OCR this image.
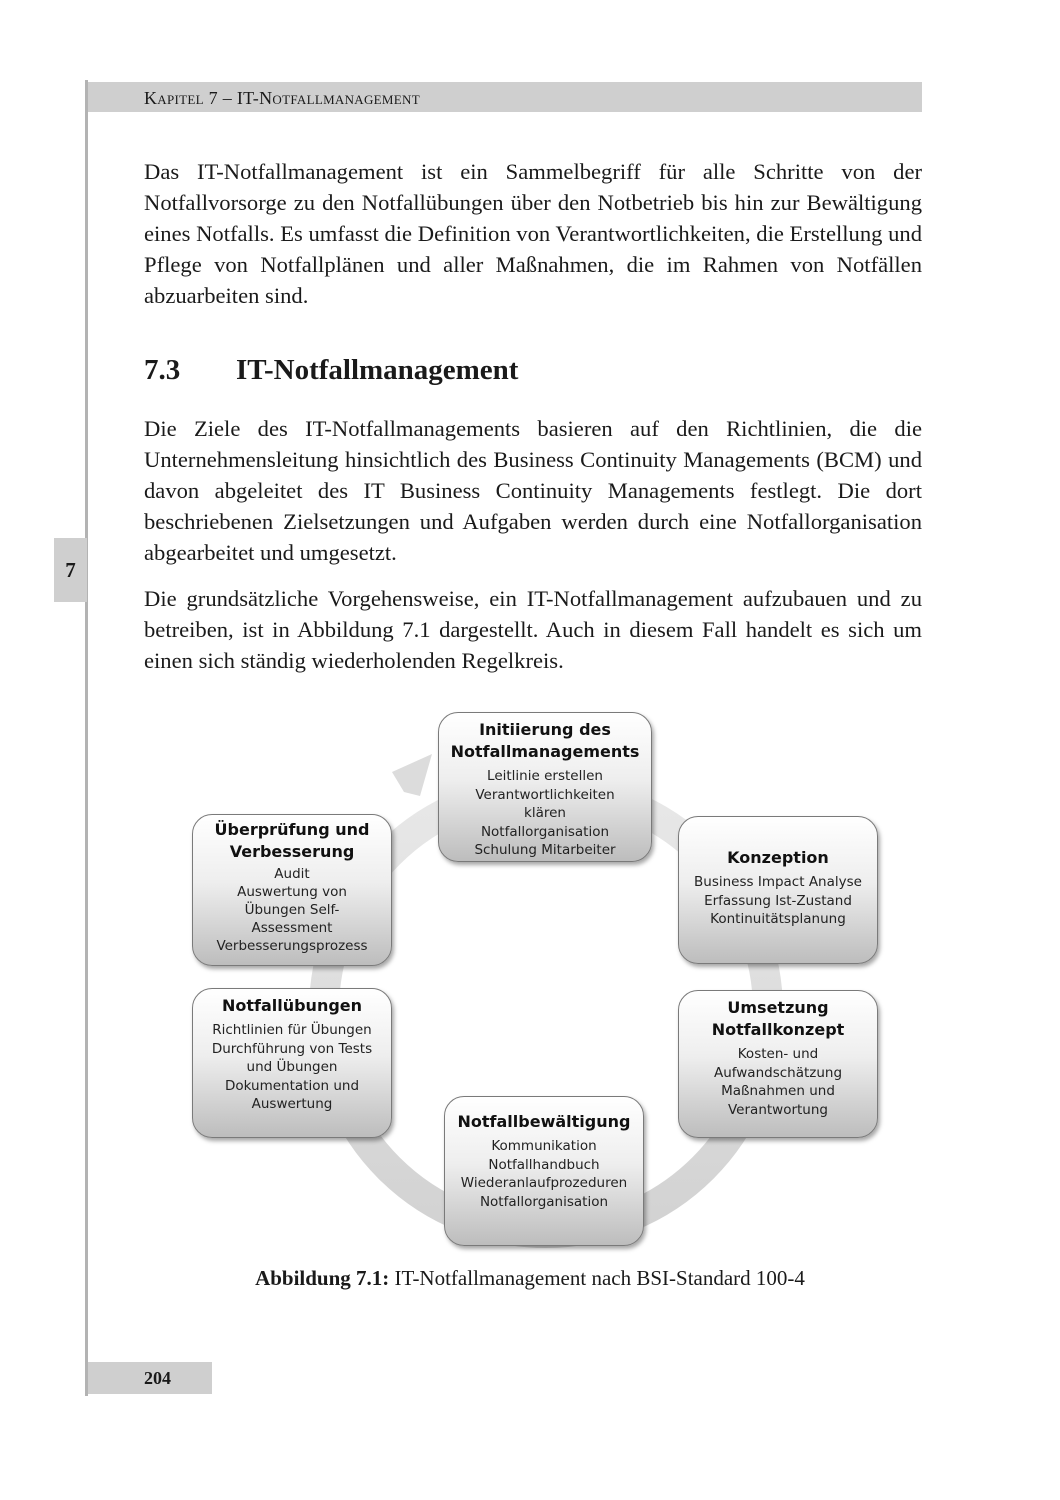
Kapitel 7 – IT-Notfallmanagement

Das IT-Notfallmanagement ist ein Sammelbegriff für alle Schritte von der Notfallvorsorge zu den Notfallübungen über den Notbetrieb bis hin zur Bewältigung eines Notfalls. Es umfasst die Definition von Verantwortlichkeiten, die Erstellung und Pflege von Notfallplänen und aller Maßnahmen, die im Rahmen von Notfällen abzuarbeiten sind.

7.3 IT-Notfallmanagement

Die Ziele des IT-Notfallmanagements basieren auf den Richtlinien, die die Unternehmensleitung hinsichtlich des Business Continuity Managements (BCM) und davon abgeleitet des IT Business Continuity Managements festlegt. Die dort beschriebenen Zielsetzungen und Aufgaben werden durch eine Notfallorganisation abgearbeitet und umgesetzt.

Die grundsätzliche Vorgehensweise, ein IT-Notfallmanagement aufzubauen und zu betreiben, ist in Abbildung 7.1 dargestellt. Auch in diesem Fall handelt es sich um einen sich ständig wiederholenden Regelkreis.

7
Initiierung des Notfallmanagements
Leitlinie erstellen
Verantwortlichkeiten
klären
Notfallorganisation
Schulung Mitarbeiter	Konzeption
Business Impact Analyse
Erfassung Ist-Zustand
Kontinuitätsplanung
Umsetzung Notfallkonzept
Kosten- und
Aufwandschätzung
Maßnahmen und
Verantwortung
Notfallbewältigung
Kommunikation
Notfallhandbuch
Wiederanlaufprozeduren
Notfallorganisation
Notfallübungen
Richtlinien für Übungen
Durchführung von Tests
und Übungen
Dokumentation und
Auswertung
Überprüfung und Verbesserung
Audit
Auswertung von
Übungen Self-
Assessment
Verbesserungsprozess
Abbildung 7.1: IT-Notfallmanagement nach BSI-Standard 100-4
204
